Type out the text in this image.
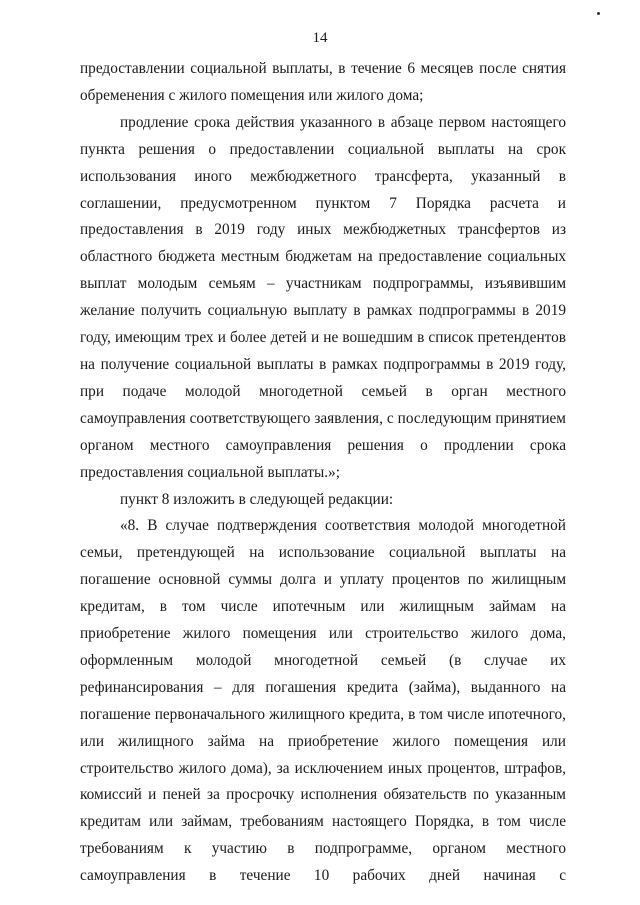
14

предоставлении социальной выплаты, в течение 6 месяцев после снятия обременения с жилого помещения или жилого дома;

продление срока действия указанного в абзаце первом настоящего пункта решения о предоставлении социальной выплаты на срок использования иного межбюджетного трансферта, указанный в соглашении, предусмотренном пунктом 7 Порядка расчета и предоставления в 2019 году иных межбюджетных трансфертов из областного бюджета местным бюджетам на предоставление социальных выплат молодым семьям – участникам подпрограммы, изъявившим желание получить социальную выплату в рамках подпрограммы в 2019 году, имеющим трех и более детей и не вошедшим в список претендентов на получение социальной выплаты в рамках подпрограммы в 2019 году, при подаче молодой многодетной семьей в орган местного самоуправления соответствующего заявления, с последующим принятием органом местного самоуправления решения о продлении срока предоставления социальной выплаты.»;

пункт 8 изложить в следующей редакции:

«8. В случае подтверждения соответствия молодой многодетной семьи, претендующей на использование социальной выплаты на погашение основной суммы долга и уплату процентов по жилищным кредитам, в том числе ипотечным или жилищным займам на приобретение жилого помещения или строительство жилого дома, оформленным молодой многодетной семьей (в случае их рефинансирования – для погашения кредита (займа), выданного на погашение первоначального жилищного кредита, в том числе ипотечного, или жилищного займа на приобретение жилого помещения или строительство жилого дома), за исключением иных процентов, штрафов, комиссий и пеней за просрочку исполнения обязательств по указанным кредитам или займам, требованиям настоящего Порядка, в том числе требованиям к участию в подпрограмме, органом местного самоуправления в течение 10 рабочих дней начиная с
